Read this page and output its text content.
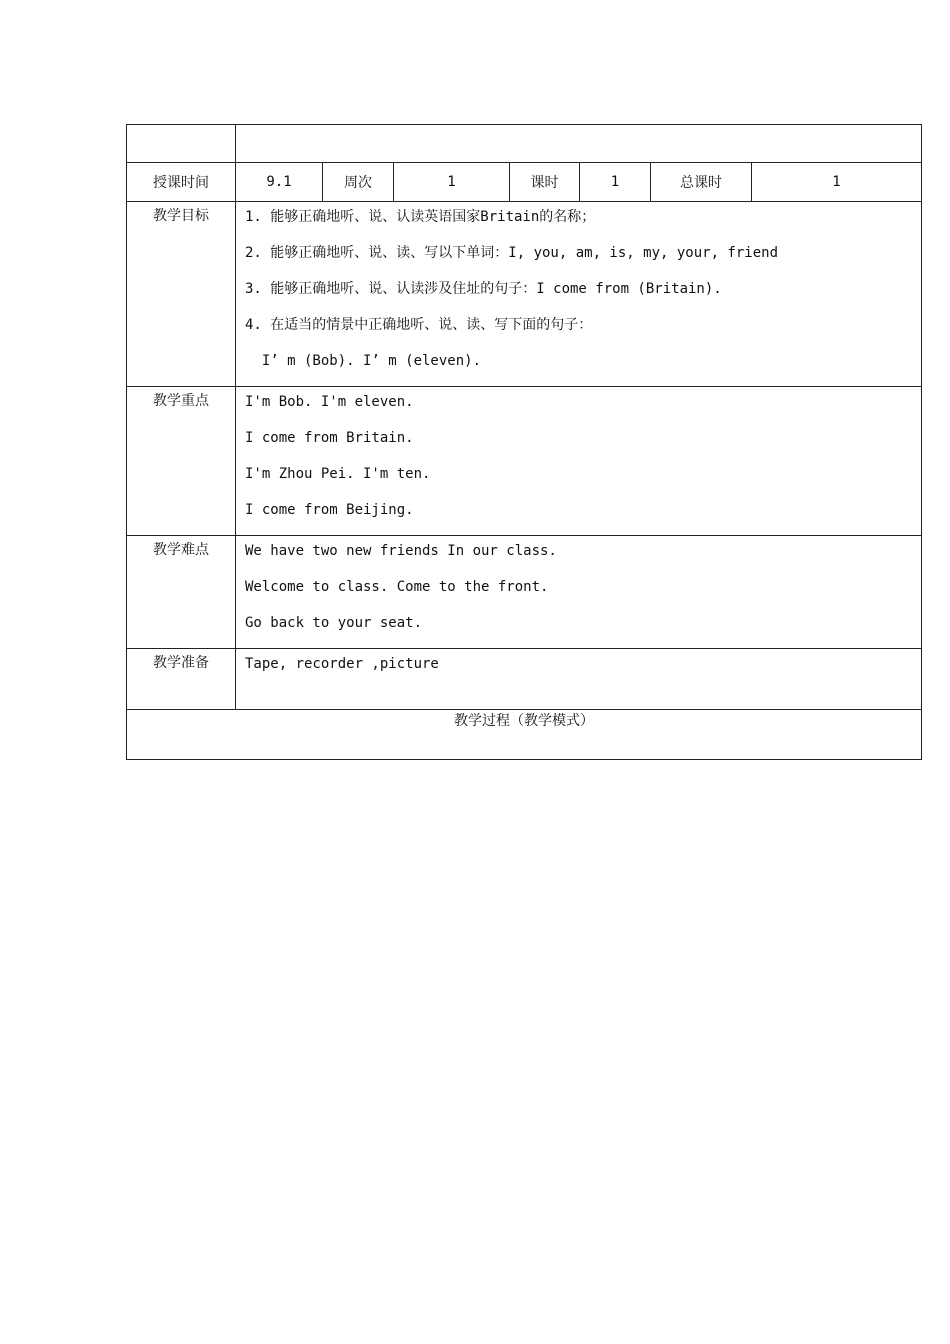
授课时间	9.1	周次	1	课时	1	总课时	1
教学目标	1. 能够正确地听、说、认读英语国家Britain的名称；
2. 能够正确地听、说、读、写以下单词：I, you, am, is, my, your, friend
3. 能够正确地听、说、认读涉及住址的句子：I come from (Britain).
4. 在适当的情景中正确地听、说、读、写下面的句子：
I’ m (Bob). I’ m (eleven).						

教学重点	I'm Bob. I'm eleven.
I come from Britain.
I'm Zhou Pei. I'm ten.
I come from Beijing.						

教学难点	We have two new friends In our class.
Welcome to class. Come to the front.
Go back to your seat.						

教学准备	Tape, recorder ,picture						

教学过程（教学模式）							
